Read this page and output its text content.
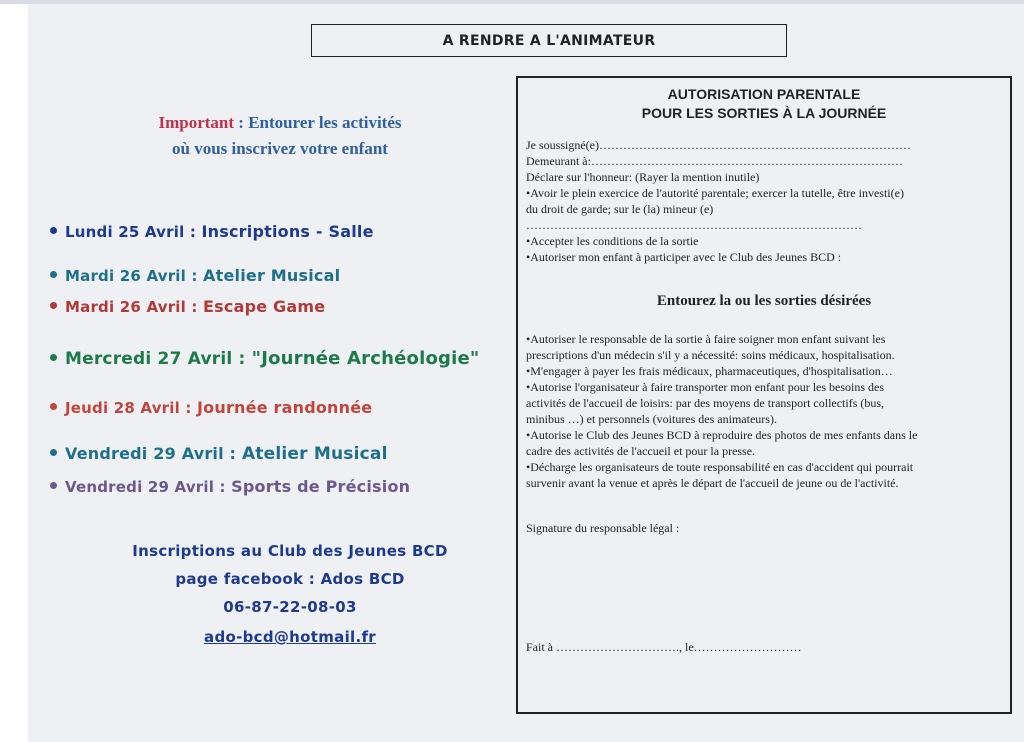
A RENDRE A L'ANIMATEUR
Important : Entourer les activités
où vous inscrivez votre enfant
Lundi 25 Avril : Inscriptions - Salle
Mardi 26 Avril : Atelier Musical
Mardi 26 Avril : Escape Game
Mercredi 27 Avril : "Journée Archéologie"
Jeudi 28 Avril : Journée randonnée
Vendredi 29 Avril : Atelier Musical
Vendredi 29 Avril : Sports de Précision
Inscriptions au Club des Jeunes BCD
page facebook : Ados BCD
06-87-22-08-03
ado-bcd@hotmail.fr
AUTORISATION PARENTALE
POUR LES SORTIES À LA JOURNÉE
Je soussigné(e)……………………………………………………………………
Demeurant à:……………………………………………………………………
Déclare sur l'honneur: (Rayer la mention inutile)
•Avoir le plein exercice de l'autorité parentale; exercer la tutelle, être investi(e)
du droit de garde; sur le (la) mineur (e)
…………………………………………………………………………
•Accepter les conditions de la sortie
•Autoriser mon enfant à participer avec le Club des Jeunes BCD :
Entourez la ou les sorties désirées
•Autoriser le responsable de la sortie à faire soigner mon enfant suivant les
prescriptions d'un médecin s'il y a nécessité: soins médicaux, hospitalisation.
•M'engager à payer les frais médicaux, pharmaceutiques, d'hospitalisation…
•Autorise l'organisateur à faire transporter mon enfant pour les besoins des
activités de l'accueil de loisirs: par des moyens de transport collectifs (bus,
minibus …) et personnels (voitures des animateurs).
•Autorise le Club des Jeunes BCD à reproduire des photos de mes enfants dans le
cadre des activités de l'accueil et pour la presse.
•Décharge les organisateurs de toute responsabilité en cas d'accident qui pourrait
survenir avant la venue et après le départ de l'accueil de jeune ou de l'activité.
Signature du responsable légal :
Fait à …………………………., le………………………
